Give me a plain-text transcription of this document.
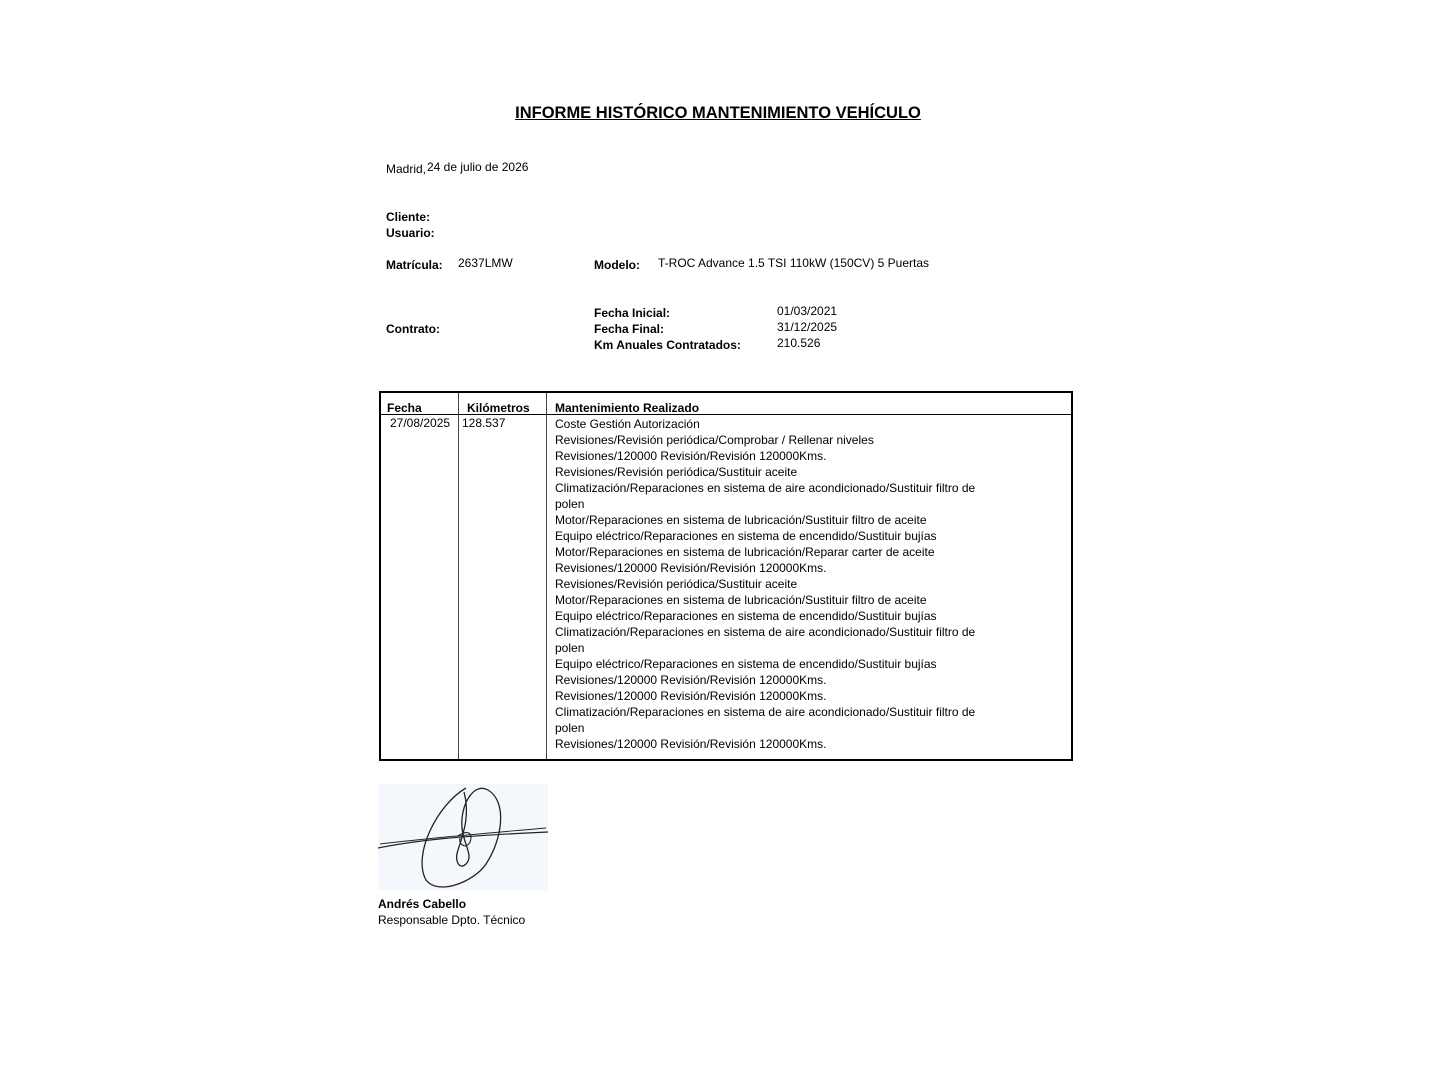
INFORME HISTÓRICO MANTENIMIENTO VEHÍCULO
Madrid, 24 de julio de 2026
Cliente:
Usuario:
Matrícula: 2637LMW	Modelo: T-ROC Advance 1.5 TSI 110kW (150CV) 5 Puertas
Contrato:
Fecha Inicial:	01/03/2021
Fecha Final:	31/12/2025
Km Anuales Contratados:	210.526
Fecha	Kilómetros Mantenimiento Realizado
27/08/2025 128.537	Coste Gestión Autorización
Revisiones/Revisión periódica/Comprobar / Rellenar niveles
Revisiones/120000 Revisión/Revisión 120000Kms.
Revisiones/Revisión periódica/Sustituir aceite
Climatización/Reparaciones en sistema de aire acondicionado/Sustituir filtro de polen
Motor/Reparaciones en sistema de lubricación/Sustituir filtro de aceite
Equipo eléctrico/Reparaciones en sistema de encendido/Sustituir bujías
Motor/Reparaciones en sistema de lubricación/Reparar carter de aceite
Revisiones/120000 Revisión/Revisión 120000Kms.
Revisiones/Revisión periódica/Sustituir aceite
Motor/Reparaciones en sistema de lubricación/Sustituir filtro de aceite
Equipo eléctrico/Reparaciones en sistema de encendido/Sustituir bujías
Climatización/Reparaciones en sistema de aire acondicionado/Sustituir filtro de polen
Equipo eléctrico/Reparaciones en sistema de encendido/Sustituir bujías
Revisiones/120000 Revisión/Revisión 120000Kms.
Revisiones/120000 Revisión/Revisión 120000Kms.
Climatización/Reparaciones en sistema de aire acondicionado/Sustituir filtro de polen
Revisiones/120000 Revisión/Revisión 120000Kms.
Andrés Cabello
Responsable Dpto. Técnico
